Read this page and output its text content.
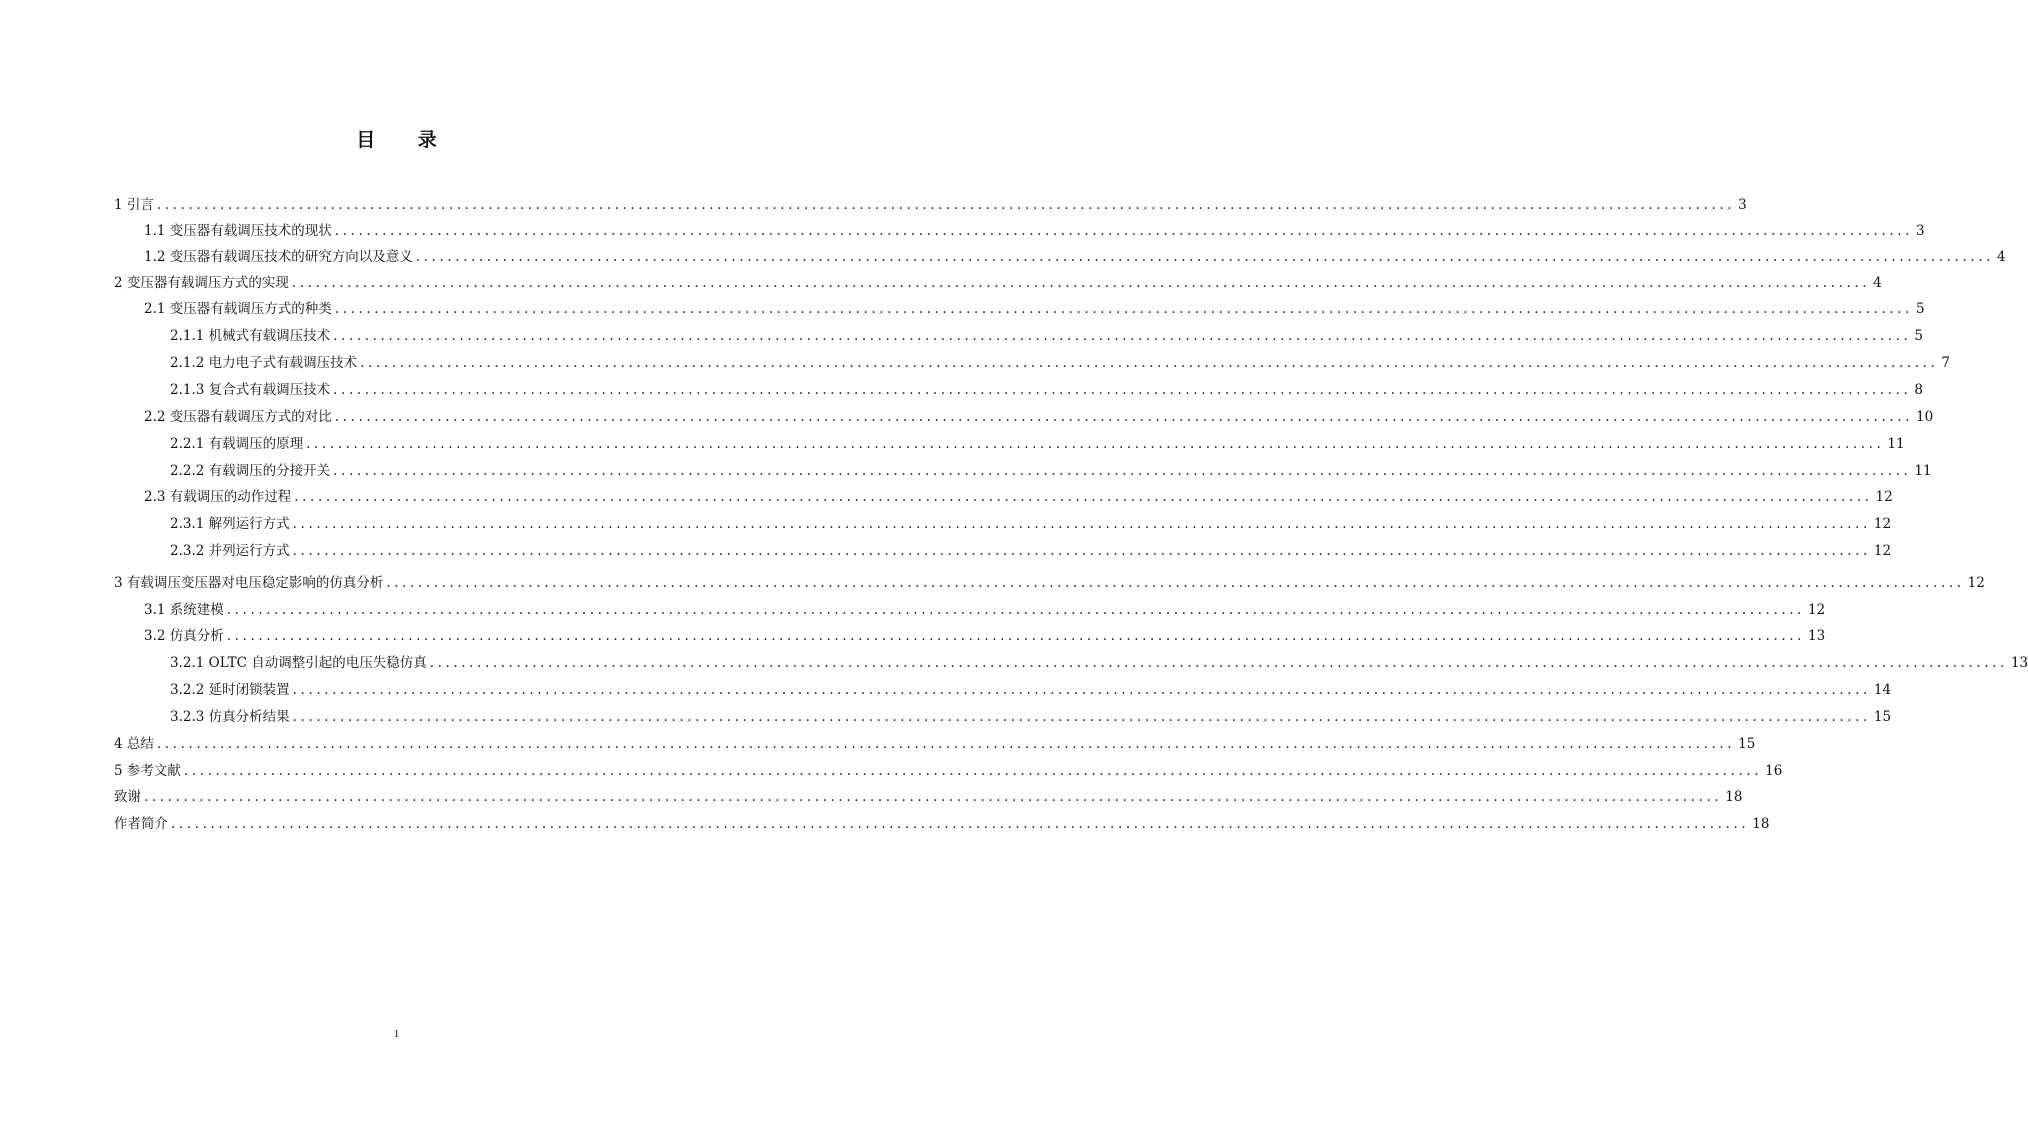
目 录
1 引言 ........................................................................................................................................................................................................ 3
1.1 变压器有载调压技术的现状 ........................................................................................................................................................................................................ 3
1.2 变压器有载调压技术的研究方向以及意义 ........................................................................................................................................................................................................ 4
2 变压器有载调压方式的实现 ........................................................................................................................................................................................................ 4
2.1 变压器有载调压方式的种类 ........................................................................................................................................................................................................ 5
2.1.1 机械式有载调压技术 ........................................................................................................................................................................................................ 5
2.1.2 电力电子式有载调压技术 ........................................................................................................................................................................................................ 7
2.1.3 复合式有载调压技术 ........................................................................................................................................................................................................ 8
2.2 变压器有载调压方式的对比 ........................................................................................................................................................................................................ 10
2.2.1 有载调压的原理 ........................................................................................................................................................................................................ 11
2.2.2 有载调压的分接开关 ........................................................................................................................................................................................................ 11
2.3 有载调压的动作过程 ........................................................................................................................................................................................................ 12
2.3.1 解列运行方式 ........................................................................................................................................................................................................ 12
2.3.2 并列运行方式 ........................................................................................................................................................................................................ 12
3 有载调压变压器对电压稳定影响的仿真分析 ........................................................................................................................................................................................................ 12
3.1 系统建模 ........................................................................................................................................................................................................ 12
3.2 仿真分析 ........................................................................................................................................................................................................ 13
3.2.1 OLTC 自动调整引起的电压失稳仿真 ........................................................................................................................................................................................................ 13
3.2.2 延时闭锁装置 ........................................................................................................................................................................................................ 14
3.2.3 仿真分析结果 ........................................................................................................................................................................................................ 15
4 总结 ........................................................................................................................................................................................................ 15
5 参考文献 ........................................................................................................................................................................................................ 16
致谢 ........................................................................................................................................................................................................ 18
作者简介 ........................................................................................................................................................................................................ 18
1
